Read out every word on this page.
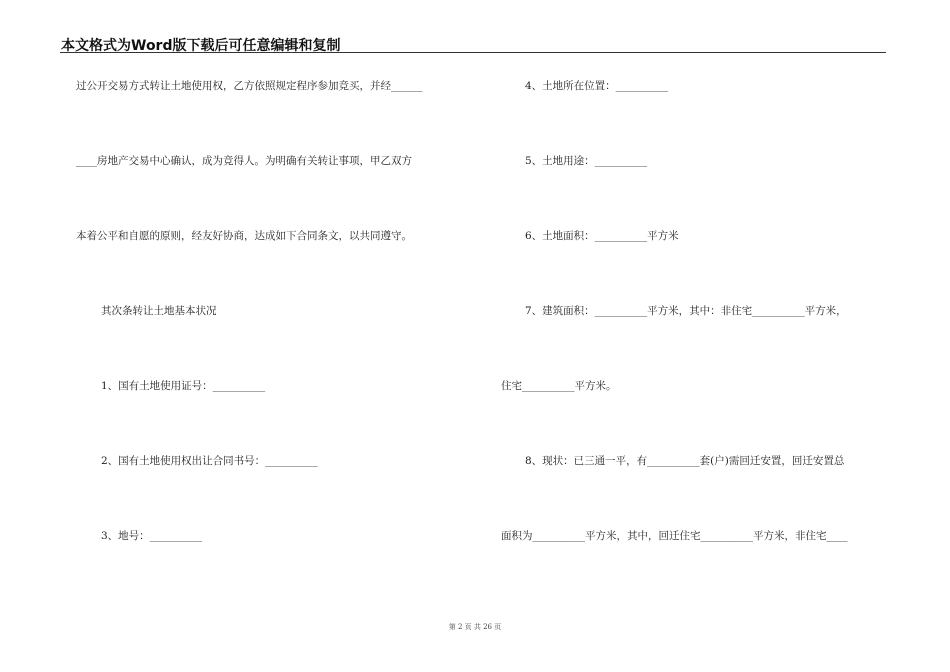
本文格式为Word版下载后可任意编辑和复制
过公开交易方式转让土地使用权，乙方依照规定程序参加竞买，并经______
____房地产交易中心确认，成为竞得人。为明确有关转让事项，甲乙双方
本着公平和自愿的原则，经友好协商，达成如下合同条文，以共同遵守。
其次条转让土地基本状况
1、国有土地使用证号：__________
2、国有土地使用权出让合同书号：__________
3、地号：__________
4、土地所在位置：__________
5、土地用途：__________
6、土地面积：__________平方米
7、建筑面积：__________平方米，其中：非住宅__________平方米，
住宅__________平方米。
8、现状：已三通一平，有__________套(户)需回迁安置，回迁安置总
面积为__________平方米，其中，回迁住宅__________平方米，非住宅____
第 2 页 共 26 页
